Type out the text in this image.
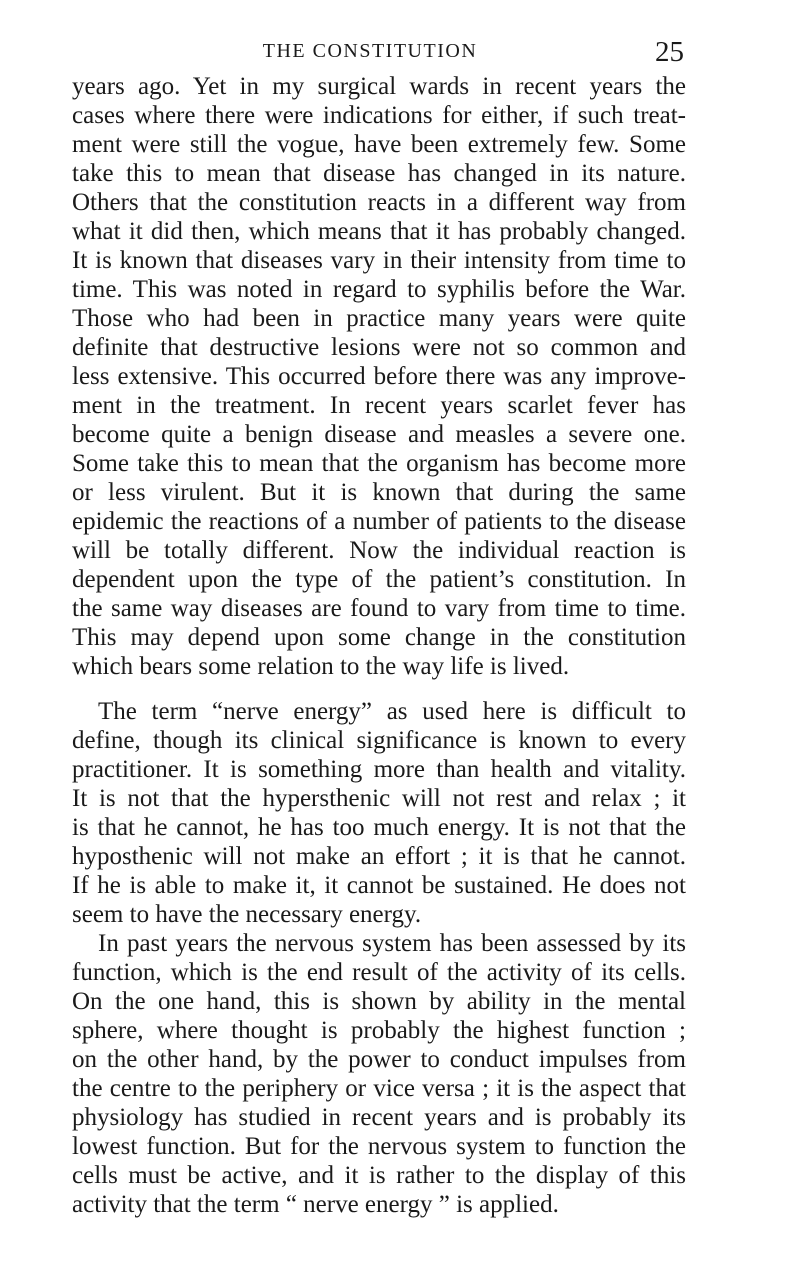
THE CONSTITUTION	25
years ago. Yet in my surgical wards in recent years the
cases where there were indications for either, if such treat-
ment were still the vogue, have been extremely few. Some
take this to mean that disease has changed in its nature.
Others that the constitution reacts in a different way from
what it did then, which means that it has probably changed.
It is known that diseases vary in their intensity from time to
time. This was noted in regard to syphilis before the War.
Those who had been in practice many years were quite
definite that destructive lesions were not so common and
less extensive. This occurred before there was any improve-
ment in the treatment. In recent years scarlet fever has
become quite a benign disease and measles a severe one.
Some take this to mean that the organism has become more
or less virulent. But it is known that during the same
epidemic the reactions of a number of patients to the disease
will be totally different. Now the individual reaction is
dependent upon the type of the patient’s constitution. In
the same way diseases are found to vary from time to time.
This may depend upon some change in the constitution
which bears some relation to the way life is lived.
The term “nerve energy” as used here is difficult to
define, though its clinical significance is known to every
practitioner. It is something more than health and vitality.
It is not that the hypersthenic will not rest and relax ; it
is that he cannot, he has too much energy. It is not that the
hyposthenic will not make an effort ; it is that he cannot.
If he is able to make it, it cannot be sustained. He does not
seem to have the necessary energy.
In past years the nervous system has been assessed by its
function, which is the end result of the activity of its cells.
On the one hand, this is shown by ability in the mental
sphere, where thought is probably the highest function ;
on the other hand, by the power to conduct impulses from
the centre to the periphery or vice versa ; it is the aspect that
physiology has studied in recent years and is probably its
lowest function. But for the nervous system to function the
cells must be active, and it is rather to the display of this
activity that the term “ nerve energy ” is applied.
